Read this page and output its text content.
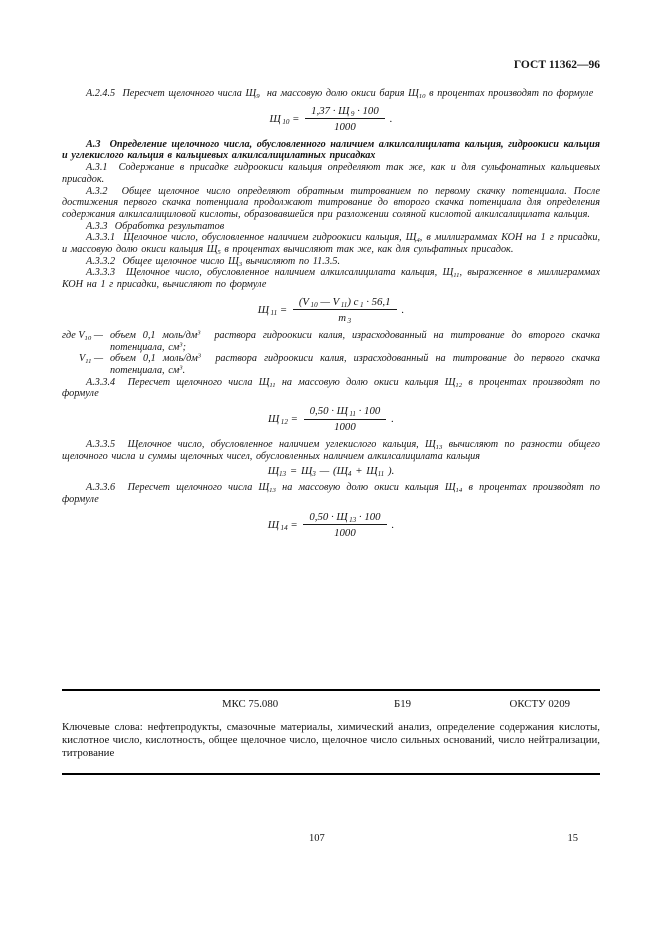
ГОСТ 11362—96

А.2.4.5  Пересчет щелочного числа $Щ_9$  на массовую долю окиси бария $Щ_{10}$ в процентах производят по формуле

Щ $_{10} = \frac{1,37 \cdot Щ _9 \cdot 100}{1000}$ .

А.3  Определение щелочного числа, обусловленного наличием алкилсалицилата кальция, гидроокиси кальция и углекислого кальция в кальциевых алкилсалицилатных присадках

А.3.1  Содержание в присадке гидроокиси кальция определяют так же, как и для сульфонатных кальциевых присадок.

А.3.2  Общее щелочное число определяют обратным титрованием по первому скачку потенциала. После достижения первого скачка потенциала продолжают титрование до второго скачка потенциала для определения содержания алкилсалициловой кислоты, образовавшейся при разложении соляной кислотой алкилсалицилата кальция.

А.3.3  Обработка результатов

А.3.3.1  Щелочное число, обусловленное наличием гидроокиси кальция, $Щ_4$, в миллиграммах КОН на 1 г присадки, и массовую долю окиси кальция $Щ_5$ в процентах вычисляют так же, как для сульфатных присадок.

А.3.3.2  Общее щелочное число $Щ_3$ вычисляют по 11.3.5.

А.3.3.3  Щелочное число, обусловленное наличием алкилсалицилата кальция, $Щ_{11}$, выраженное в миллиграммах КОН на 1 г присадки, вычисляют по формуле

Щ $_{11} = \frac{(V _{10} — V _{11}) c _1 \cdot 56,1}{m _3}$ .
где $V_{10}$ — объем 0,1 моль/$дм^3$  раствора гидроокиси калия, израсходованный на титрование до второго скачка потенциала, $см^3$;
$V_{11}$ — объем 0,1 моль/$дм^3$  раствора гидроокиси калия, израсходованный на титрование до первого скачка потенциала, $см^3$.

А.3.3.4  Пересчет щелочного числа $Щ_{11}$ на массовую долю окиси кальция $Щ_{12}$ в процентах производят по формуле

Щ $_{12} = \frac{0,50 \cdot Щ _{11} \cdot 100}{1000}$ .

А.3.3.5  Щелочное число, обусловленное наличием углекислого кальция, $Щ_{13}$ вычисляют по разности общего щелочного числа и суммы щелочных чисел, обусловленных наличием алкилсалицилата кальция

$Щ_{13} = Щ_3$ — ($Щ_4 + Щ_{11}$ ).

А.3.3.6  Пересчет щелочного числа $Щ_{13}$ на массовую долю окиси кальция $Щ_{14}$ в процентах производят по формуле

Щ $_{14} = \frac{0,50 \cdot Щ _{13} \cdot 100}{1000}$ .
МКС 75.080	Б19	ОКСТУ 0209

Ключевые слова: нефтепродукты, смазочные материалы, химический анализ, определение содержания кислоты, кислотное число, кислотность, общее щелочное число, щелочное число сильных оснований, число нейтрализации, титрование

107	15
